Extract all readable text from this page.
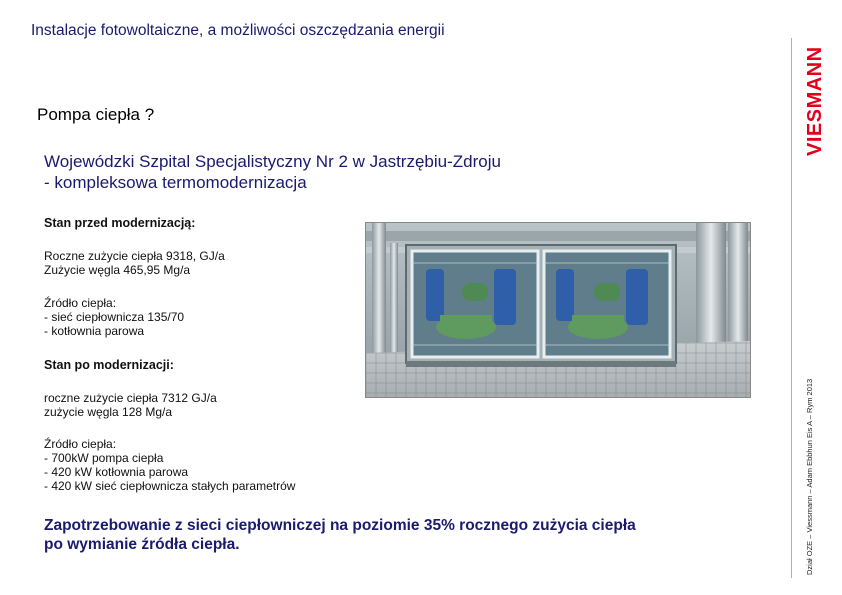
Instalacje fotowoltaiczne, a możliwości oszczędzania energii
VIESMANN
Dział OZE – Viessmann – Adam Ebbhun Eis A – Rym 2013
Pompa ciepła ?
Wojewódzki Szpital Specjalistyczny Nr 2 w Jastrzębiu-Zdroju
- kompleksowa termomodernizacja
Stan przed modernizacją:
Roczne zużycie ciepła 9318, GJ/a
Zużycie węgla 465,95 Mg/a
Źródło ciepła:
- sieć ciepłownicza 135/70
- kotłownia parowa
Stan po modernizacji:
roczne zużycie ciepła 7312 GJ/a
zużycie węgla 128 Mg/a
Źródło ciepła:
- 700kW pompa ciepła
- 420 kW kotłownia parowa
- 420 kW sieć ciepłownicza stałych parametrów
Zapotrzebowanie z sieci ciepłowniczej na poziomie 35% rocznego zużycia ciepła
po wymianie źródła ciepła.
